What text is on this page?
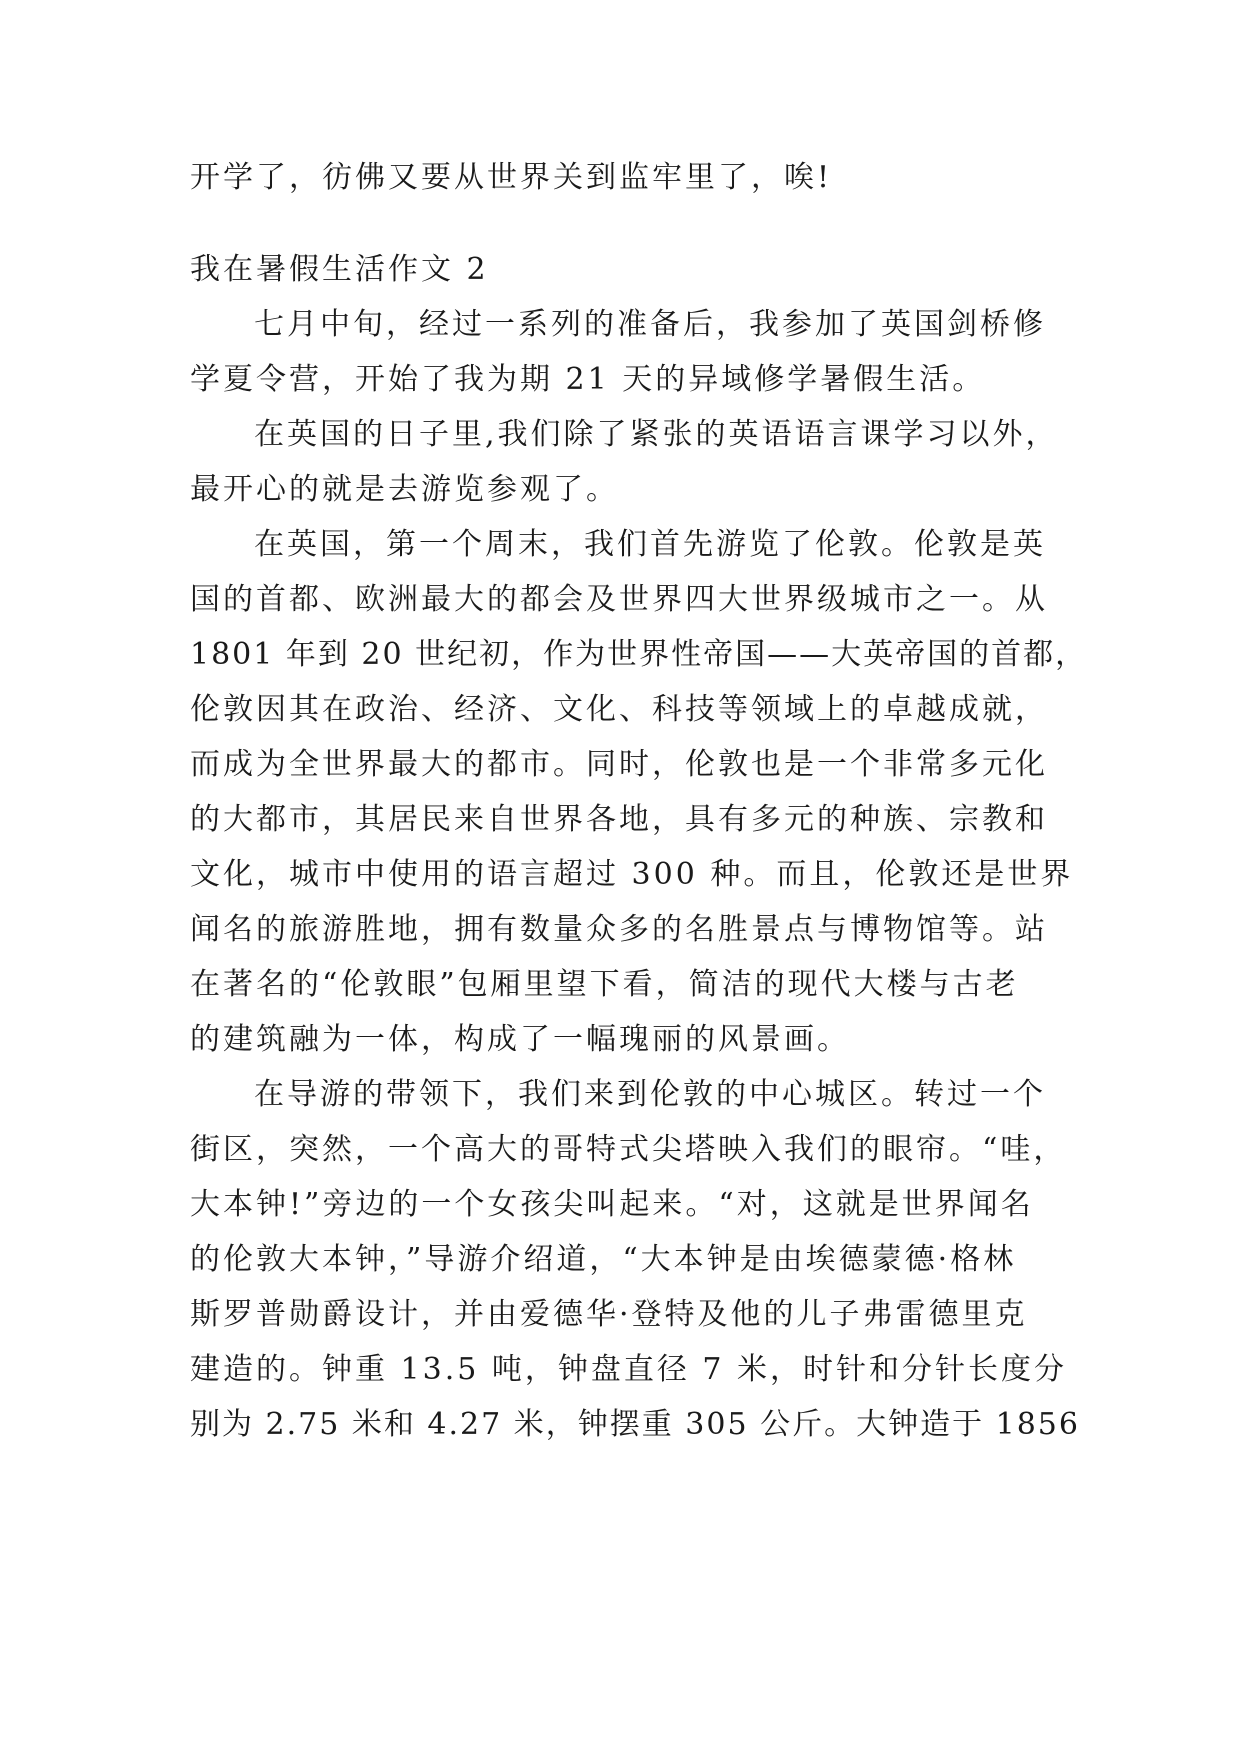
开学了，彷佛又要从世界关到监牢里了，唉!
我在暑假生活作文 2
七月中旬，经过一系列的准备后，我参加了英国剑桥修
学夏令营，开始了我为期 21 天的异域修学暑假生活。
在英国的日子里,我们除了紧张的英语语言课学习以外，
最开心的就是去游览参观了。
在英国，第一个周末，我们首先游览了伦敦。伦敦是英
国的首都、欧洲最大的都会及世界四大世界级城市之一。从
1801 年到 20 世纪初，作为世界性帝国——大英帝国的首都，
伦敦因其在政治、经济、文化、科技等领域上的卓越成就，
而成为全世界最大的都市。同时，伦敦也是一个非常多元化
的大都市，其居民来自世界各地，具有多元的种族、宗教和
文化，城市中使用的语言超过 300 种。而且，伦敦还是世界
闻名的旅游胜地，拥有数量众多的名胜景点与博物馆等。站
在著名的“伦敦眼”包厢里望下看，简洁的现代大楼与古老
的建筑融为一体，构成了一幅瑰丽的风景画。
在导游的带领下，我们来到伦敦的中心城区。转过一个
街区，突然，一个高大的哥特式尖塔映入我们的眼帘。“哇，
大本钟!”旁边的一个女孩尖叫起来。“对，这就是世界闻名
的伦敦大本钟，”导游介绍道，“大本钟是由埃德蒙德·格林
斯罗普勋爵设计，并由爱德华·登特及他的儿子弗雷德里克
建造的。钟重 13.5 吨，钟盘直径 7 米，时针和分针长度分
别为 2.75 米和 4.27 米，钟摆重 305 公斤。大钟造于 1856
